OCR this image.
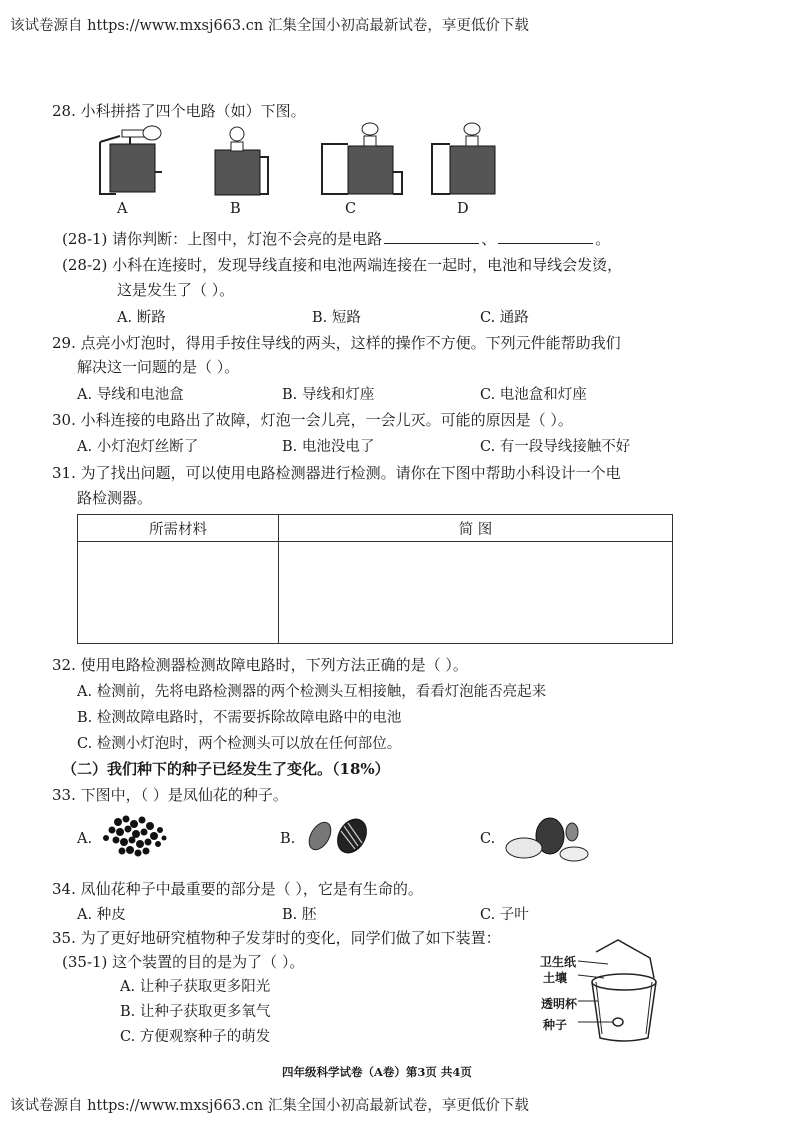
该试卷源自 https://www.mxsj663.cn 汇集全国小初高最新试卷，享更低价下载
28. 小科拼搭了四个电路（如）下图。
A	B	C	D
(28-1) 请你判断：上图中，灯泡不会亮的是电路	、	。
(28-2) 小科在连接时，发现导线直接和电池两端连接在一起时，电池和导线会发烫，
这是发生了（ ）。
A. 断路	B. 短路	C. 通路
29. 点亮小灯泡时，得用手按住导线的两头，这样的操作不方便。下列元件能帮助我们
解决这一问题的是（ ）。
A. 导线和电池盒	B. 导线和灯座	C. 电池盒和灯座
30. 小科连接的电路出了故障，灯泡一会儿亮，一会儿灭。可能的原因是（ ）。
A. 小灯泡灯丝断了	B. 电池没电了	C. 有一段导线接触不好
31. 为了找出问题，可以使用电路检测器进行检测。请你在下图中帮助小科设计一个电
路检测器。
所需材料	简 图

32. 使用电路检测器检测故障电路时，下列方法正确的是（ ）。
A. 检测前，先将电路检测器的两个检测头互相接触，看看灯泡能否亮起来
B. 检测故障电路时，不需要拆除故障电路中的电池
C. 检测小灯泡时，两个检测头可以放在任何部位。
（二）我们种下的种子已经发生了变化。（18%）
33. 下图中，（ ）是凤仙花的种子。
A.	B.	C.
34. 凤仙花种子中最重要的部分是（ ），它是有生命的。
A. 种皮	B. 胚	C. 子叶
35. 为了更好地研究植物种子发芽时的变化，同学们做了如下装置：
(35-1) 这个装置的目的是为了（ ）。
A. 让种子获取更多阳光
B. 让种子获取更多氧气
C. 方便观察种子的萌发
卫生纸
土壤
透明杯
种子
四年级科学试卷（A卷）第3页 共4页
该试卷源自 https://www.mxsj663.cn 汇集全国小初高最新试卷，享更低价下载
